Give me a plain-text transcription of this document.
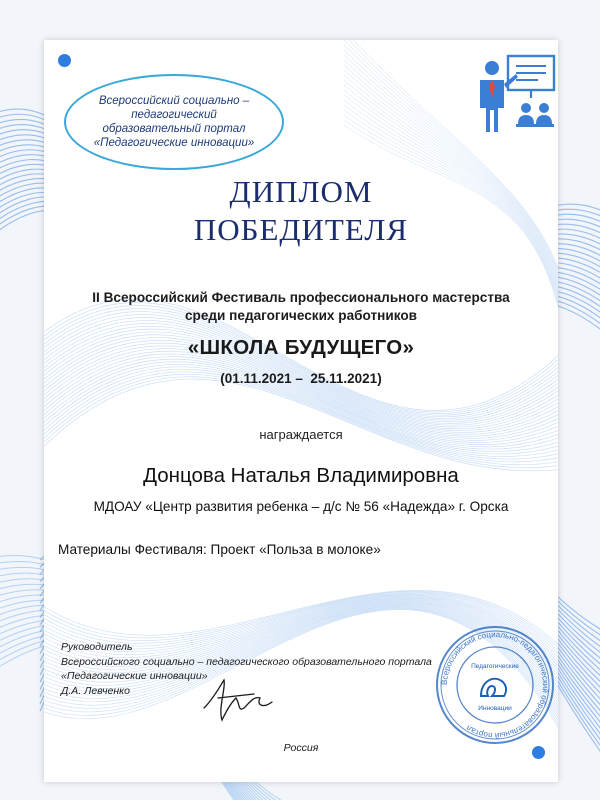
Всероссийский социально – педагогический
образовательный портал
«Педагогические инновации»
ДИПЛОМ
ПОБЕДИТЕЛЯ
II Всероссийский Фестиваль профессионального мастерства
среди педагогических работников
«ШКОЛА БУДУЩЕГО»
(01.11.2021 –  25.11.2021)
награждается
Донцова Наталья Владимировна
МДОАУ «Центр развития ребенка – д/с № 56 «Надежда» г. Орска
Материалы Фестиваля: Проект «Польза в молоке»
Руководитель
Всероссийского социально – педагогического образовательного портала
«Педагогические инновации»
Д.А. Левченко
Всероссийский социально-педагогический образовательный портал
Педагогические
Инновации
Россия
